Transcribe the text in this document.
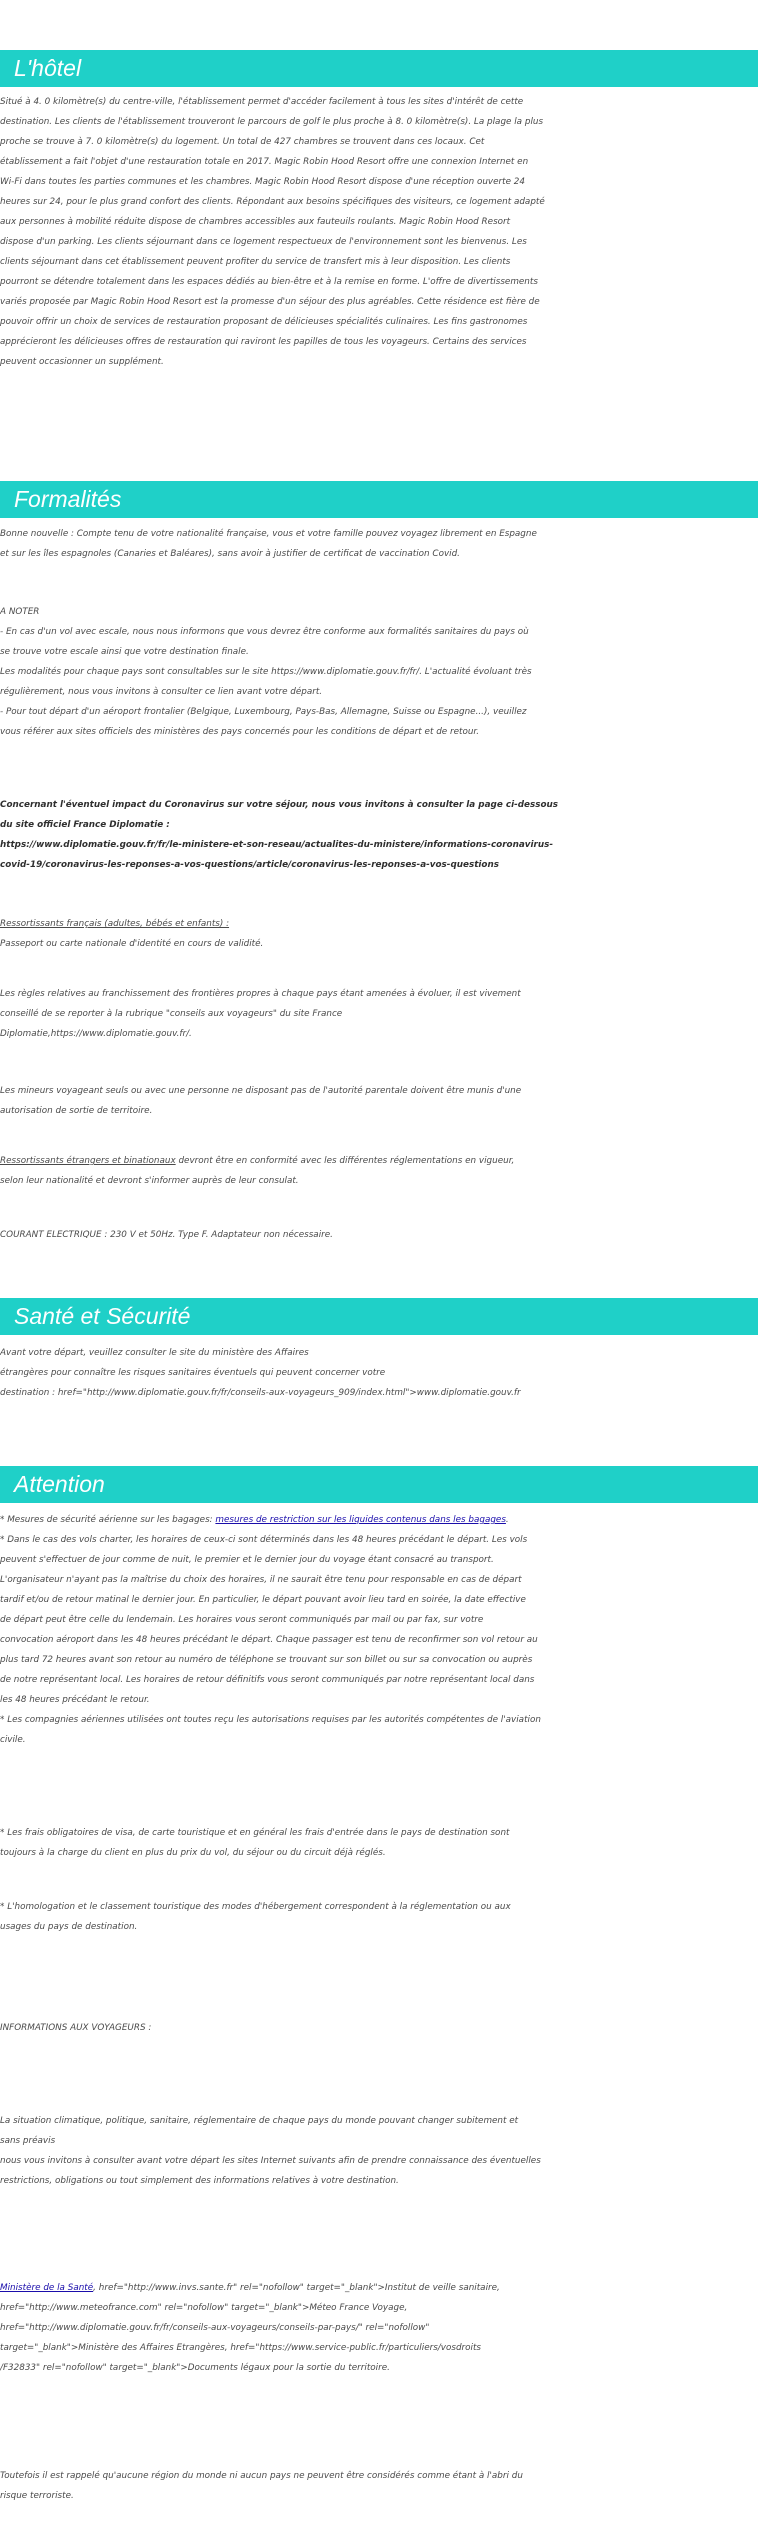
L'hôtel

Situé à 4. 0 kilomètre(s) du centre-ville, l'établissement permet d'accéder facilement à tous les sites d'intérêt de cette

destination. Les clients de l'établissement trouveront le parcours de golf le plus proche à 8. 0 kilomètre(s). La plage la plus

proche se trouve à 7. 0 kilomètre(s) du logement. Un total de 427 chambres se trouvent dans ces locaux. Cet

établissement a fait l'objet d'une restauration totale en 2017. Magic Robin Hood Resort offre une connexion Internet en

Wi-Fi dans toutes les parties communes et les chambres. Magic Robin Hood Resort dispose d'une réception ouverte 24

heures sur 24, pour le plus grand confort des clients. Répondant aux besoins spécifiques des visiteurs, ce logement adapté

aux personnes à mobilité réduite dispose de chambres accessibles aux fauteuils roulants. Magic Robin Hood Resort

dispose d'un parking. Les clients séjournant dans ce logement respectueux de l'environnement sont les bienvenus. Les

clients séjournant dans cet établissement peuvent profiter du service de transfert mis à leur disposition. Les clients

pourront se détendre totalement dans les espaces dédiés au bien-être et à la remise en forme. L'offre de divertissements

variés proposée par Magic Robin Hood Resort est la promesse d'un séjour des plus agréables. Cette résidence est fière de

pouvoir offrir un choix de services de restauration proposant de délicieuses spécialités culinaires. Les fins gastronomes

apprécieront les délicieuses offres de restauration qui raviront les papilles de tous les voyageurs. Certains des services

peuvent occasionner un supplément.

Formalités

Bonne nouvelle : Compte tenu de votre nationalité française, vous et votre famille pouvez voyagez librement en Espagne

et sur les îles espagnoles (Canaries et Baléares), sans avoir à justifier de certificat de vaccination Covid.

A NOTER

- En cas d'un vol avec escale, nous nous informons que vous devrez être conforme aux formalités sanitaires du pays où

se trouve votre escale ainsi que votre destination finale.

Les modalités pour chaque pays sont consultables sur le site https://www.diplomatie.gouv.fr/fr/. L'actualité évoluant très

régulièrement, nous vous invitons à consulter ce lien avant votre départ.

- Pour tout départ d'un aéroport frontalier (Belgique, Luxembourg, Pays-Bas, Allemagne, Suisse ou Espagne...), veuillez

vous référer aux sites officiels des ministères des pays concernés pour les conditions de départ et de retour.

Concernant l'éventuel impact du Coronavirus sur votre séjour, nous vous invitons à consulter la page ci-dessous

du site officiel France Diplomatie :

https://www.diplomatie.gouv.fr/fr/le-ministere-et-son-reseau/actualites-du-ministere/informations-coronavirus-

covid-19/coronavirus-les-reponses-a-vos-questions/article/coronavirus-les-reponses-a-vos-questions

Ressortissants français (adultes, bébés et enfants) :

Passeport ou carte nationale d'identité en cours de validité.

Les règles relatives au franchissement des frontières propres à chaque pays étant amenées à évoluer, il est vivement

conseillé de se reporter à la rubrique "conseils aux voyageurs" du site France

Diplomatie,https://www.diplomatie.gouv.fr/.

Les mineurs voyageant seuls ou avec une personne ne disposant pas de l'autorité parentale doivent être munis d'une

autorisation de sortie de territoire.

Ressortissants étrangers et binationaux devront être en conformité avec les différentes réglementations en vigueur,

selon leur nationalité et devront s'informer auprès de leur consulat.

COURANT ELECTRIQUE : 230 V et 50Hz. Type F. Adaptateur non nécessaire.

Santé et Sécurité

Avant votre départ, veuillez consulter le site du ministère des Affaires

étrangères pour connaître les risques sanitaires éventuels qui peuvent concerner votre

destination : href="http://www.diplomatie.gouv.fr/fr/conseils-aux-voyageurs_909/index.html">www.diplomatie.gouv.fr

Attention

* Mesures de sécurité aérienne sur les bagages: mesures de restriction sur les liquides contenus dans les bagages.

* Dans le cas des vols charter, les horaires de ceux-ci sont déterminés dans les 48 heures précédant le départ. Les vols

peuvent s'effectuer de jour comme de nuit, le premier et le dernier jour du voyage étant consacré au transport.

L'organisateur n'ayant pas la maîtrise du choix des horaires, il ne saurait être tenu pour responsable en cas de départ

tardif et/ou de retour matinal le dernier jour. En particulier, le départ pouvant avoir lieu tard en soirée, la date effective

de départ peut être celle du lendemain. Les horaires vous seront communiqués par mail ou par fax, sur votre

convocation aéroport dans les 48 heures précédant le départ. Chaque passager est tenu de reconfirmer son vol retour au

plus tard 72 heures avant son retour au numéro de téléphone se trouvant sur son billet ou sur sa convocation ou auprès

de notre représentant local. Les horaires de retour définitifs vous seront communiqués par notre représentant local dans

les 48 heures précédant le retour.

* Les compagnies aériennes utilisées ont toutes reçu les autorisations requises par les autorités compétentes de l'aviation

civile.

* Les frais obligatoires de visa, de carte touristique et en général les frais d'entrée dans le pays de destination sont

toujours à la charge du client en plus du prix du vol, du séjour ou du circuit déjà réglés.

* L'homologation et le classement touristique des modes d'hébergement correspondent à la réglementation ou aux

usages du pays de destination.

INFORMATIONS AUX VOYAGEURS :

La situation climatique, politique, sanitaire, réglementaire de chaque pays du monde pouvant changer subitement et

sans préavis

nous vous invitons à consulter avant votre départ les sites Internet suivants afin de prendre connaissance des éventuelles

restrictions, obligations ou tout simplement des informations relatives à votre destination.

Ministère de la Santé, href="http://www.invs.sante.fr" rel="nofollow" target="_blank">Institut de veille sanitaire,

href="http://www.meteofrance.com" rel="nofollow" target="_blank">Méteo France Voyage,

href="http://www.diplomatie.gouv.fr/fr/conseils-aux-voyageurs/conseils-par-pays/" rel="nofollow"

target="_blank">Ministère des Affaires Etrangères, href="https://www.service-public.fr/particuliers/vosdroits

/F32833" rel="nofollow" target="_blank">Documents légaux pour la sortie du territoire.

Toutefois il est rappelé qu'aucune région du monde ni aucun pays ne peuvent être considérés comme étant à l'abri du

risque terroriste.
